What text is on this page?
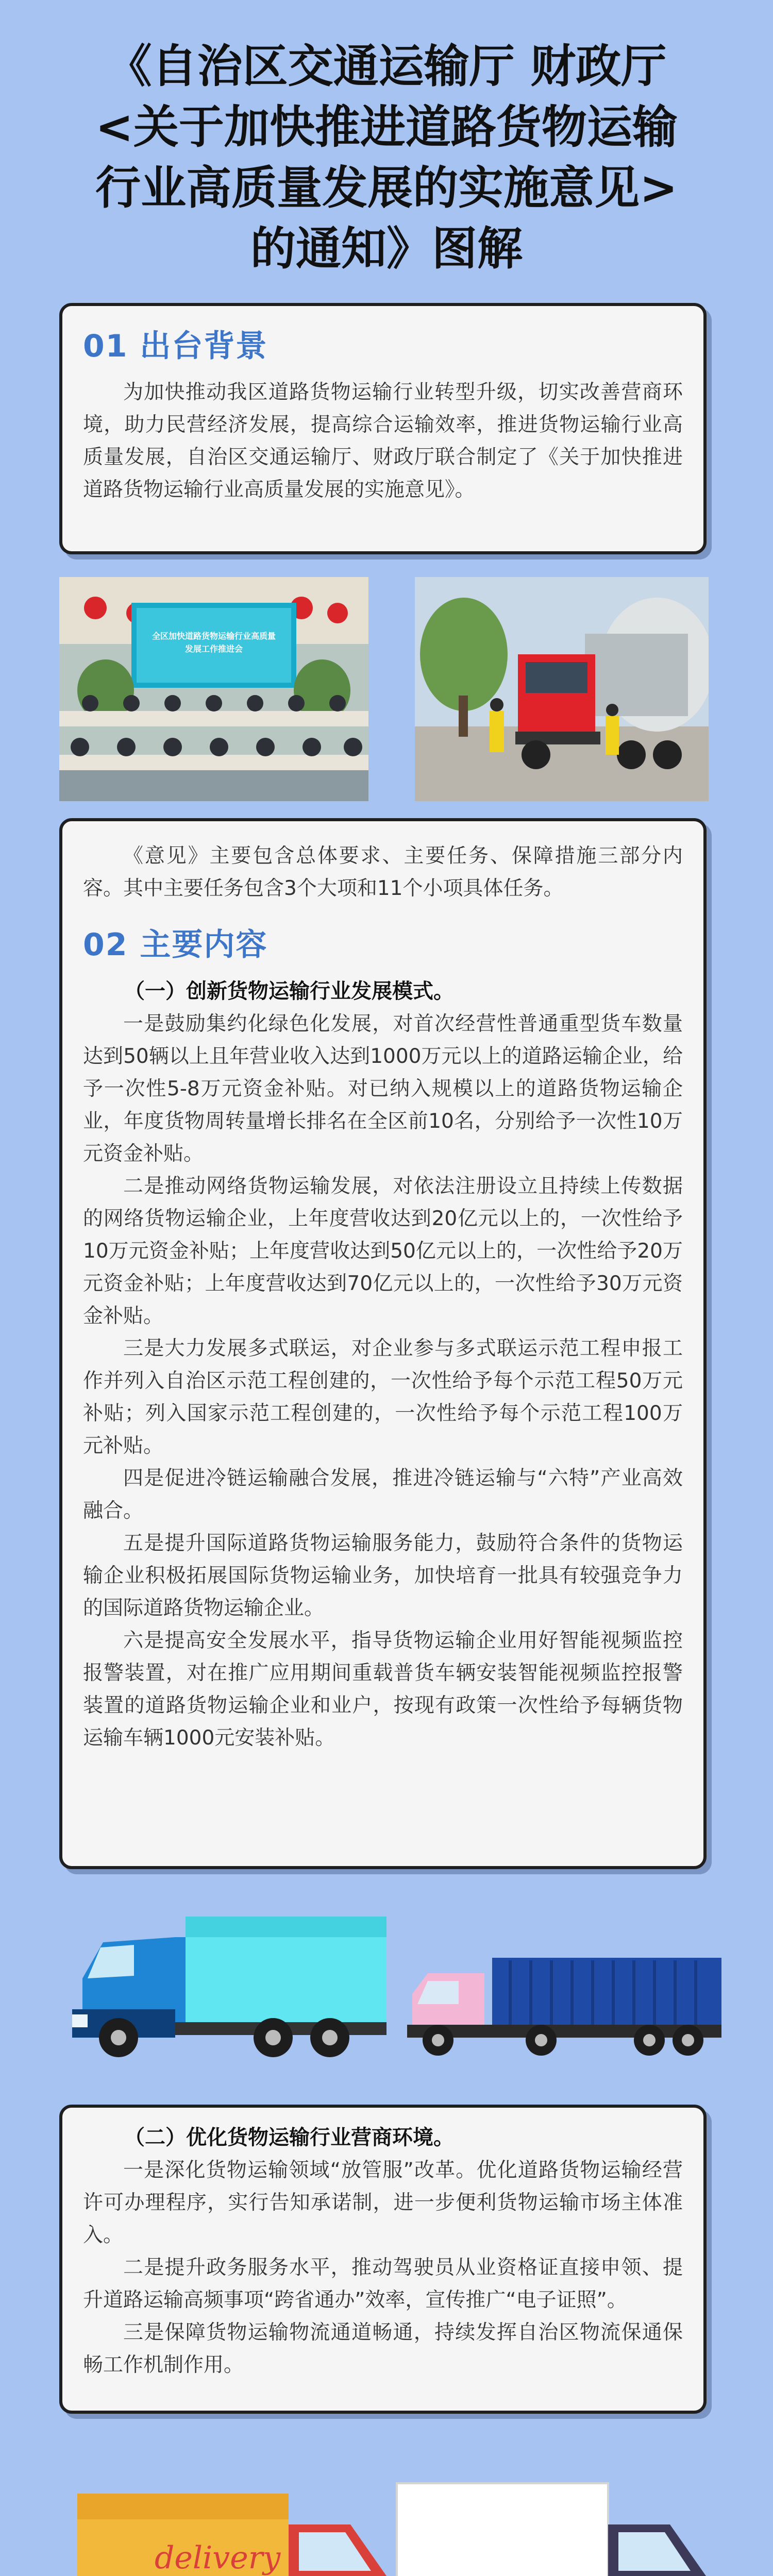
《自治区交通运输厅 财政厅
<关于加快推进道路货物运输
行业高质量发展的实施意见>
的通知》图解
01 出台背景

为加快推动我区道路货物运输行业转型升级，切实改善营商环境，助力民营经济发展，提高综合运输效率，推进货物运输行业高质量发展，自治区交通运输厅、财政厅联合制定了《关于加快推进道路货物运输行业高质量发展的实施意见》。

全区加快道路货物运输行业高质量
发展工作推进会

《意见》主要包含总体要求、主要任务、保障措施三部分内容。其中主要任务包含3个大项和11个小项具体任务。

02 主要内容

（一）创新货物运输行业发展模式。

一是鼓励集约化绿色化发展，对首次经营性普通重型货车数量达到50辆以上且年营业收入达到1000万元以上的道路运输企业，给予一次性5-8万元资金补贴。对已纳入规模以上的道路货物运输企业，年度货物周转量增长排名在全区前10名，分别给予一次性10万元资金补贴。

二是推动网络货物运输发展，对依法注册设立且持续上传数据的网络货物运输企业，上年度营收达到20亿元以上的，一次性给予10万元资金补贴；上年度营收达到50亿元以上的，一次性给予20万元资金补贴；上年度营收达到70亿元以上的，一次性给予30万元资金补贴。

三是大力发展多式联运，对企业参与多式联运示范工程申报工作并列入自治区示范工程创建的，一次性给予每个示范工程50万元补贴；列入国家示范工程创建的，一次性给予每个示范工程100万元补贴。

四是促进冷链运输融合发展，推进冷链运输与“六特”产业高效融合。

五是提升国际道路货物运输服务能力，鼓励符合条件的货物运输企业积极拓展国际货物运输业务，加快培育一批具有较强竞争力的国际道路货物运输企业。

六是提高安全发展水平，指导货物运输企业用好智能视频监控报警装置，对在推广应用期间重载普货车辆安装智能视频监控报警装置的道路货物运输企业和业户，按现有政策一次性给予每辆货物运输车辆1000元安装补贴。

（二）优化货物运输行业营商环境。

一是深化货物运输领域“放管服”改革。优化道路货物运输经营许可办理程序，实行告知承诺制，进一步便利货物运输市场主体准入。

二是提升政务服务水平，推动驾驶员从业资格证直接申领、提升道路运输高频事项“跨省通办”效率，宣传推广“电子证照”。

三是保障货物运输物流通道畅通，持续发挥自治区物流保通保畅工作机制作用。

delivery
